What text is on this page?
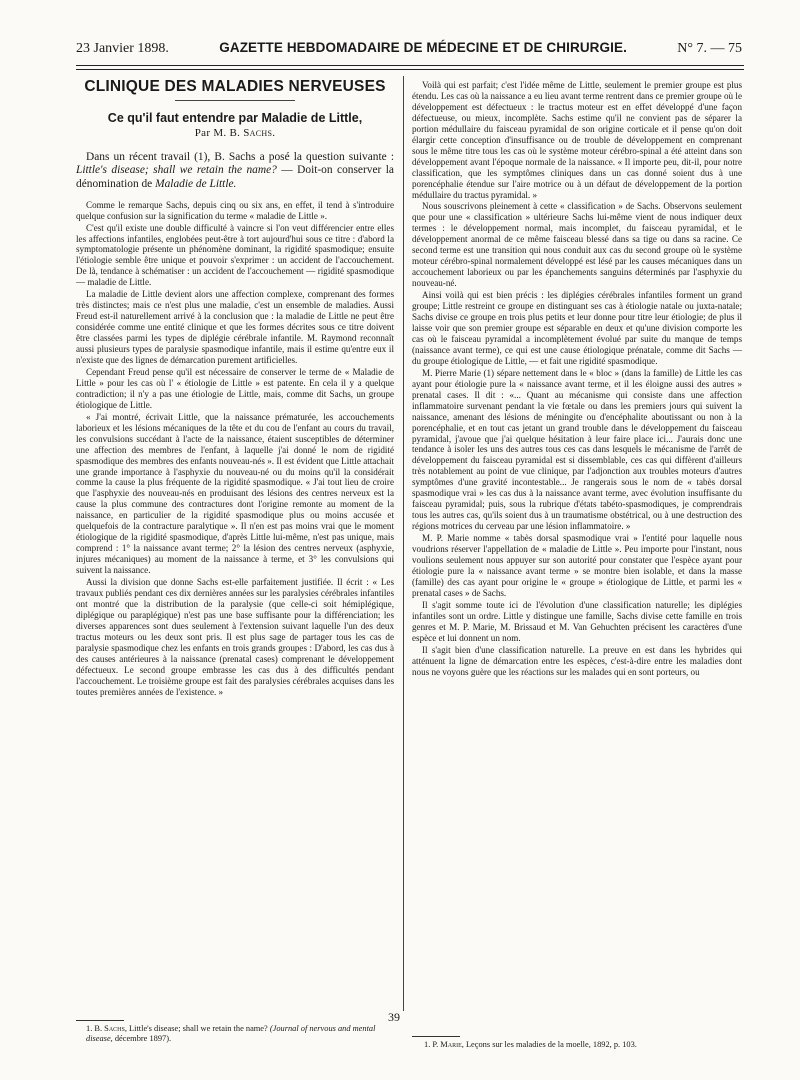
23 Janvier 1898.	GAZETTE HEBDOMADAIRE DE MÉDECINE ET DE CHIRURGIE.	N° 7. — 75
CLINIQUE DES MALADIES NERVEUSES
Ce qu'il faut entendre par Maladie de Little,
Par M. B. Sachs.

Dans un récent travail (1), B. Sachs a posé la question suivante : Little's disease; shall we retain the name? — Doit-on conserver la dénomination de Maladie de Little.

Comme le remarque Sachs, depuis cinq ou six ans, en effet, il tend à s'introduire quelque confusion sur la signification du terme « maladie de Little ».

C'est qu'il existe une double difficulté à vaincre si l'on veut différencier entre elles les affections infantiles, englobées peut-être à tort aujourd'hui sous ce titre : d'abord la symptomatologie présente un phénomène dominant, la rigidité spasmodique; ensuite l'étiologie semble être unique et pouvoir s'exprimer : un accident de l'accouchement. De là, tendance à schématiser : un accident de l'accouchement — rigidité spasmodique — maladie de Little.

La maladie de Little devient alors une affection complexe, comprenant des formes très distinctes; mais ce n'est plus une maladie, c'est un ensemble de maladies. Aussi Freud est-il naturellement arrivé à la conclusion que : la maladie de Little ne peut être considérée comme une entité clinique et que les formes décrites sous ce titre doivent être classées parmi les types de diplégie cérébrale infantile. M. Raymond reconnaît aussi plusieurs types de paralysie spasmodique infantile, mais il estime qu'entre eux il n'existe que des lignes de démarcation purement artificielles.

Cependant Freud pense qu'il est nécessaire de conserver le terme de « Maladie de Little » pour les cas où l' « étiologie de Little » est patente. En cela il y a quelque contradiction; il n'y a pas une étiologie de Little, mais, comme dit Sachs, un groupe étiologique de Little.

« J'ai montré, écrivait Little, que la naissance prématurée, les accouchements laborieux et les lésions mécaniques de la tête et du cou de l'enfant au cours du travail, les convulsions succédant à l'acte de la naissance, étaient susceptibles de déterminer une affection des membres de l'enfant, à laquelle j'ai donné le nom de rigidité spasmodique des membres des enfants nouveau-nés ». Il est évident que Little attachait une grande importance à l'asphyxie du nouveau-né ou du moins qu'il la considérait comme la cause la plus fréquente de la rigidité spasmodique. « J'ai tout lieu de croire que l'asphyxie des nouveau-nés en produisant des lésions des centres nerveux est la cause la plus commune des contractures dont l'origine remonte au moment de la naissance, en particulier de la rigidité spasmodique plus ou moins accusée et quelquefois de la contracture paralytique ». Il n'en est pas moins vrai que le moment étiologique de la rigidité spasmodique, d'après Little lui-même, n'est pas unique, mais comprend : 1° la naissance avant terme; 2° la lésion des centres nerveux (asphyxie, injures mécaniques) au moment de la naissance à terme, et 3° les convulsions qui suivent la naissance.

Aussi la division que donne Sachs est-elle parfaitement justifiée. Il écrit : « Les travaux publiés pendant ces dix dernières années sur les paralysies cérébrales infantiles ont montré que la distribution de la paralysie (que celle-ci soit hémiplégique, diplégique ou paraplégique) n'est pas une base suffisante pour la différenciation; les diverses apparences sont dues seulement à l'extension suivant laquelle l'un des deux tractus moteurs ou les deux sont pris. Il est plus sage de partager tous les cas de paralysie spasmodique chez les enfants en trois grands groupes : D'abord, les cas dus à des causes antérieures à la naissance (prenatal cases) comprenant le développement défectueux. Le second groupe embrasse les cas dus à des difficultés pendant l'accouchement. Le troisième groupe est fait des paralysies cérébrales acquises dans les toutes premières années de l'existence. »

Voilà qui est parfait; c'est l'idée même de Little, seulement le premier groupe est plus étendu. Les cas où la naissance a eu lieu avant terme rentrent dans ce premier groupe où le développement est défectueux : le tractus moteur est en effet développé d'une façon défectueuse, ou mieux, incomplète. Sachs estime qu'il ne convient pas de séparer la portion médullaire du faisceau pyramidal de son origine corticale et il pense qu'on doit élargir cette conception d'insuffisance ou de trouble de développement en comprenant sous le même titre tous les cas où le système moteur cérébro-spinal a été atteint dans son développement avant l'époque normale de la naissance. « Il importe peu, dit-il, pour notre classification, que les symptômes cliniques dans un cas donné soient dus à une porencéphalie étendue sur l'aire motrice ou à un défaut de développement de la portion médullaire du tractus pyramidal. »

Nous souscrivons pleinement à cette « classification » de Sachs. Observons seulement que pour une « classification » ultérieure Sachs lui-même vient de nous indiquer deux termes : le développement normal, mais incomplet, du faisceau pyramidal, et le développement anormal de ce même faisceau blessé dans sa tige ou dans sa racine. Ce second terme est une transition qui nous conduit aux cas du second groupe où le système moteur cérébro-spinal normalement développé est lésé par les causes mécaniques dans un accouchement laborieux ou par les épanchements sanguins déterminés par l'asphyxie du nouveau-né.

Ainsi voilà qui est bien précis : les diplégies cérébrales infantiles forment un grand groupe; Little restreint ce groupe en distinguant ses cas à étiologie natale ou juxta-natale; Sachs divise ce groupe en trois plus petits et leur donne pour titre leur étiologie; de plus il laisse voir que son premier groupe est séparable en deux et qu'une division comporte les cas où le faisceau pyramidal a incomplètement évolué par suite du manque de temps (naissance avant terme), ce qui est une cause étiologique prénatale, comme dit Sachs — du groupe étiologique de Little, — et fait une rigidité spasmodique.

M. Pierre Marie (1) sépare nettement dans le « bloc » (dans la famille) de Little les cas ayant pour étiologie pure la « naissance avant terme, et il les éloigne aussi des autres » prenatal cases. Il dit : «... Quant au mécanisme qui consiste dans une affection inflammatoire survenant pendant la vie fœtale ou dans les premiers jours qui suivent la naissance, amenant des lésions de méningite ou d'encéphalite aboutissant ou non à la porencéphalie, et en tout cas jetant un grand trouble dans le développement du faisceau pyramidal, j'avoue que j'ai quelque hésitation à leur faire place ici... J'aurais donc une tendance à isoler les uns des autres tous ces cas dans lesquels le mécanisme de l'arrêt de développement du faisceau pyramidal est si dissemblable, ces cas qui diffèrent d'ailleurs très notablement au point de vue clinique, par l'adjonction aux troubles moteurs d'autres symptômes d'une gravité incontestable... Je rangerais sous le nom de « tabès dorsal spasmodique vrai » les cas dus à la naissance avant terme, avec évolution insuffisante du faisceau pyramidal; puis, sous la rubrique d'états tabéto-spasmodiques, je comprendrais tous les autres cas, qu'ils soient dus à un traumatisme obstétrical, ou à une destruction des régions motrices du cerveau par une lésion inflammatoire. »

M. P. Marie nomme « tabès dorsal spasmodique vrai » l'entité pour laquelle nous voudrions réserver l'appellation de « maladie de Little ». Peu importe pour l'instant, nous voulions seulement nous appuyer sur son autorité pour constater que l'espèce ayant pour étiologie pure la « naissance avant terme » se montre bien isolable, et dans la masse (famille) des cas ayant pour origine le « groupe » étiologique de Little, et parmi les « prenatal cases » de Sachs.

Il s'agit somme toute ici de l'évolution d'une classification naturelle; les diplégies infantiles sont un ordre. Little y distingue une famille, Sachs divise cette famille en trois genres et M. P. Marie, M. Brissaud et M. Van Gehuchten précisent les caractères d'une espèce et lui donnent un nom.

Il s'agit bien d'une classification naturelle. La preuve en est dans les hybrides qui atténuent la ligne de démarcation entre les espèces, c'est-à-dire entre les maladies dont nous ne voyons guère que les réactions sur les malades qui en sont porteurs, ou

1. B. Sachs, Little's disease; shall we retain the name? (Journal of nervous and mental disease, décembre 1897).
1. P. Marie, Leçons sur les maladies de la moelle, 1892, p. 103.
39
